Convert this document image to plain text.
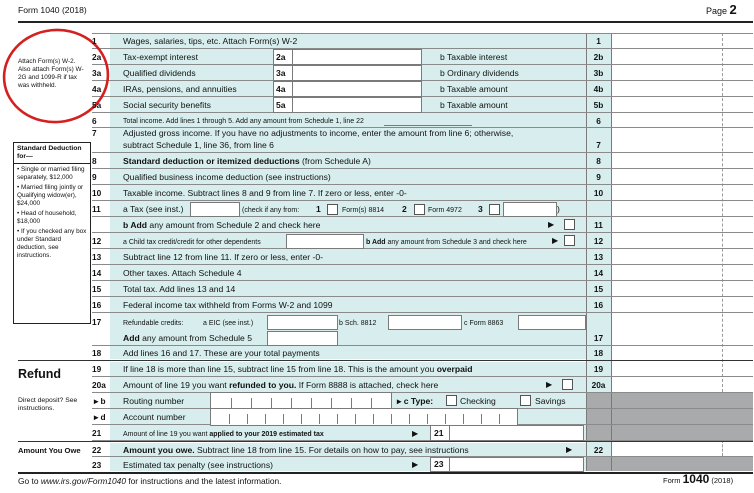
Form 1040 (2018)	Page 2
Attach Form(s) W-2. Also attach Form(s) W-2G and 1099-R if tax was withheld.
Standard Deduction for—
• Single or married filing separately, $12,000
• Married filing jointly or Qualifying widow(er), $24,000
• Head of household, $18,000
• If you checked any box under Standard deduction, see instructions.
1	Wages, salaries, tips, etc. Attach Form(s) W-2	1
2a	Tax-exempt interest	2a	b Taxable interest	2b
3a	Qualified dividends	3a	b Ordinary dividends	3b
4a	IRAs, pensions, and annuities	4a	b Taxable amount	4b
5a	Social security benefits	5a	b Taxable amount	5b
6	Total income. Add lines 1 through 5. Add any amount from Schedule 1, line 22	6
7	Adjusted gross income. If you have no adjustments to income, enter the amount from line 6; otherwise,
subtract Schedule 1, line 36, from line 6	7
8	Standard deduction or itemized deductions (from Schedule A)	8
9	Qualified business income deduction (see instructions)	9
10	Taxable income. Subtract lines 8 and 9 from line 7. If zero or less, enter -0-	10
11	a Tax (see inst.)	(check if any from: 1	Form(s) 8814 2	Form 4972 3	)
b Add any amount from Schedule 2 and check here	▶	11
12	a Child tax credit/credit for other dependents	b Add any amount from Schedule 3 and check here	▶	12
13	Subtract line 12 from line 11. If zero or less, enter -0-	13
14	Other taxes. Attach Schedule 4	14
15	Total tax. Add lines 13 and 14	15
16	Federal income tax withheld from Forms W-2 and 1099	16
17	Refundable credits:	a EIC (see inst.)	b Sch. 8812	c Form 8863
Add any amount from Schedule 5	17
18	Add lines 16 and 17. These are your total payments	18
Refund
Direct deposit? See instructions.
19	If line 18 is more than line 15, subtract line 15 from line 18. This is the amount you overpaid	19
20a	Amount of line 19 you want refunded to you. If Form 8888 is attached, check here	▶	20a
▸ b	Routing number	▸ c Type:	Checking	Savings
▸ d	Account number
21	Amount of line 19 you want applied to your 2019 estimated tax	▶ 21
Amount You Owe 22	Amount you owe. Subtract line 18 from line 15. For details on how to pay, see instructions	▶	22
23	Estimated tax penalty (see instructions)	▶ 23
Go to www.irs.gov/Form1040 for instructions and the latest information.	Form 1040 (2018)
